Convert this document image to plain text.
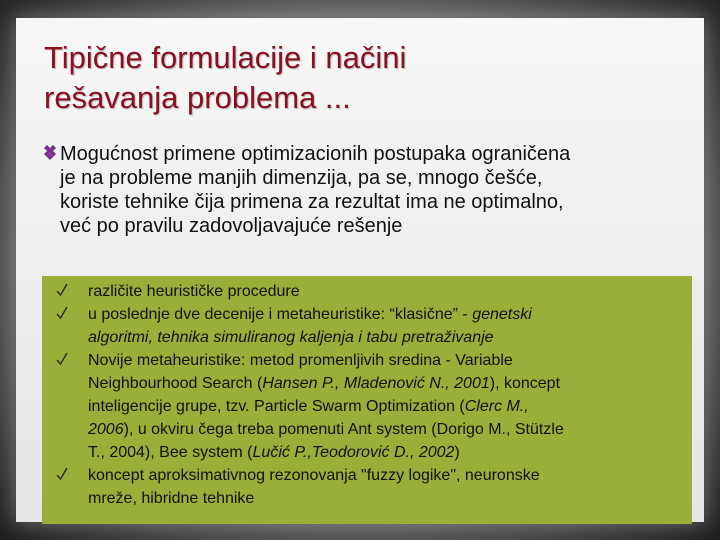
Tipične formulacije i načini
rešavanja problema ...
Mogućnost primene optimizacionih postupaka ograničena
je na probleme manjih dimenzija, pa se, mnogo češće,
koriste tehnike čija primena za rezultat ima ne optimalno,
već po pravilu zadovoljavajuće rešenje
različite heurističke procedure
u poslednje dve decenije i metaheuristike: “klasične” - genetski
algoritmi, tehnika simuliranog kaljenja i tabu pretraživanje
Novije metaheuristike: metod promenljivih sredina - Variable
Neighbourhood Search (Hansen P., Mladenović N., 2001), koncept
inteligencije grupe, tzv. Particle Swarm Optimization (Clerc M.,
2006), u okviru čega treba pomenuti Ant system (Dorigo M., Stützle
T., 2004), Bee system (Lučić P.,Teodorović D., 2002)
koncept aproksimativnog rezonovanja "fuzzy logike", neuronske
mreže, hibridne tehnike
